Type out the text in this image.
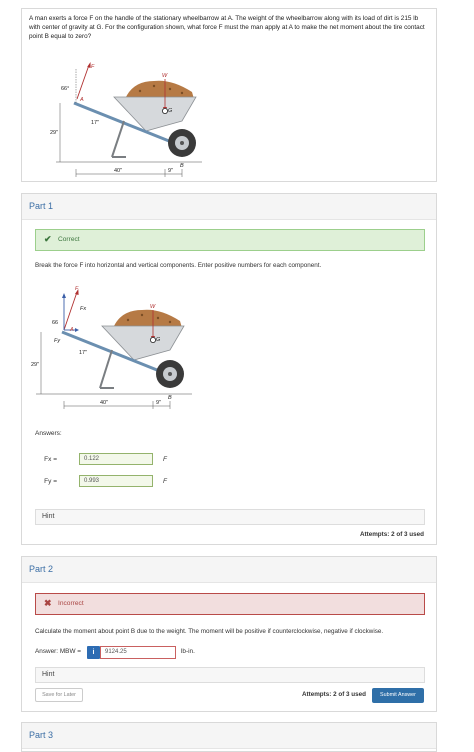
A man exerts a force F on the handle of the stationary wheelbarrow at A. The weight of the wheelbarrow along with its load of dirt is 215 lb with center of gravity at G. For the configuration shown, what force F must the man apply at A to make the net moment about the tire contact point B equal to zero?

66°
17"
29"
40"	9"
F
A
W
G
B
Part 1
✔ Correct
Break the force F into horizontal and vertical components. Enter positive numbers for each component.
F
Fx
Fy
66
A
W
G
B
17"
29"
40"	9"
Answers:
Fx =	0.122	F
Fy =	0.993	F
Hint
Attempts: 2 of 3 used
Part 2
✖ Incorrect
Calculate the moment about point B due to the weight. The moment will be positive if counterclockwise, negative if clockwise.
Answer: MBW =	i	9124.25	lb-in.
Hint
Save for Later	Attempts: 2 of 3 used	Submit Answer
Part 3
